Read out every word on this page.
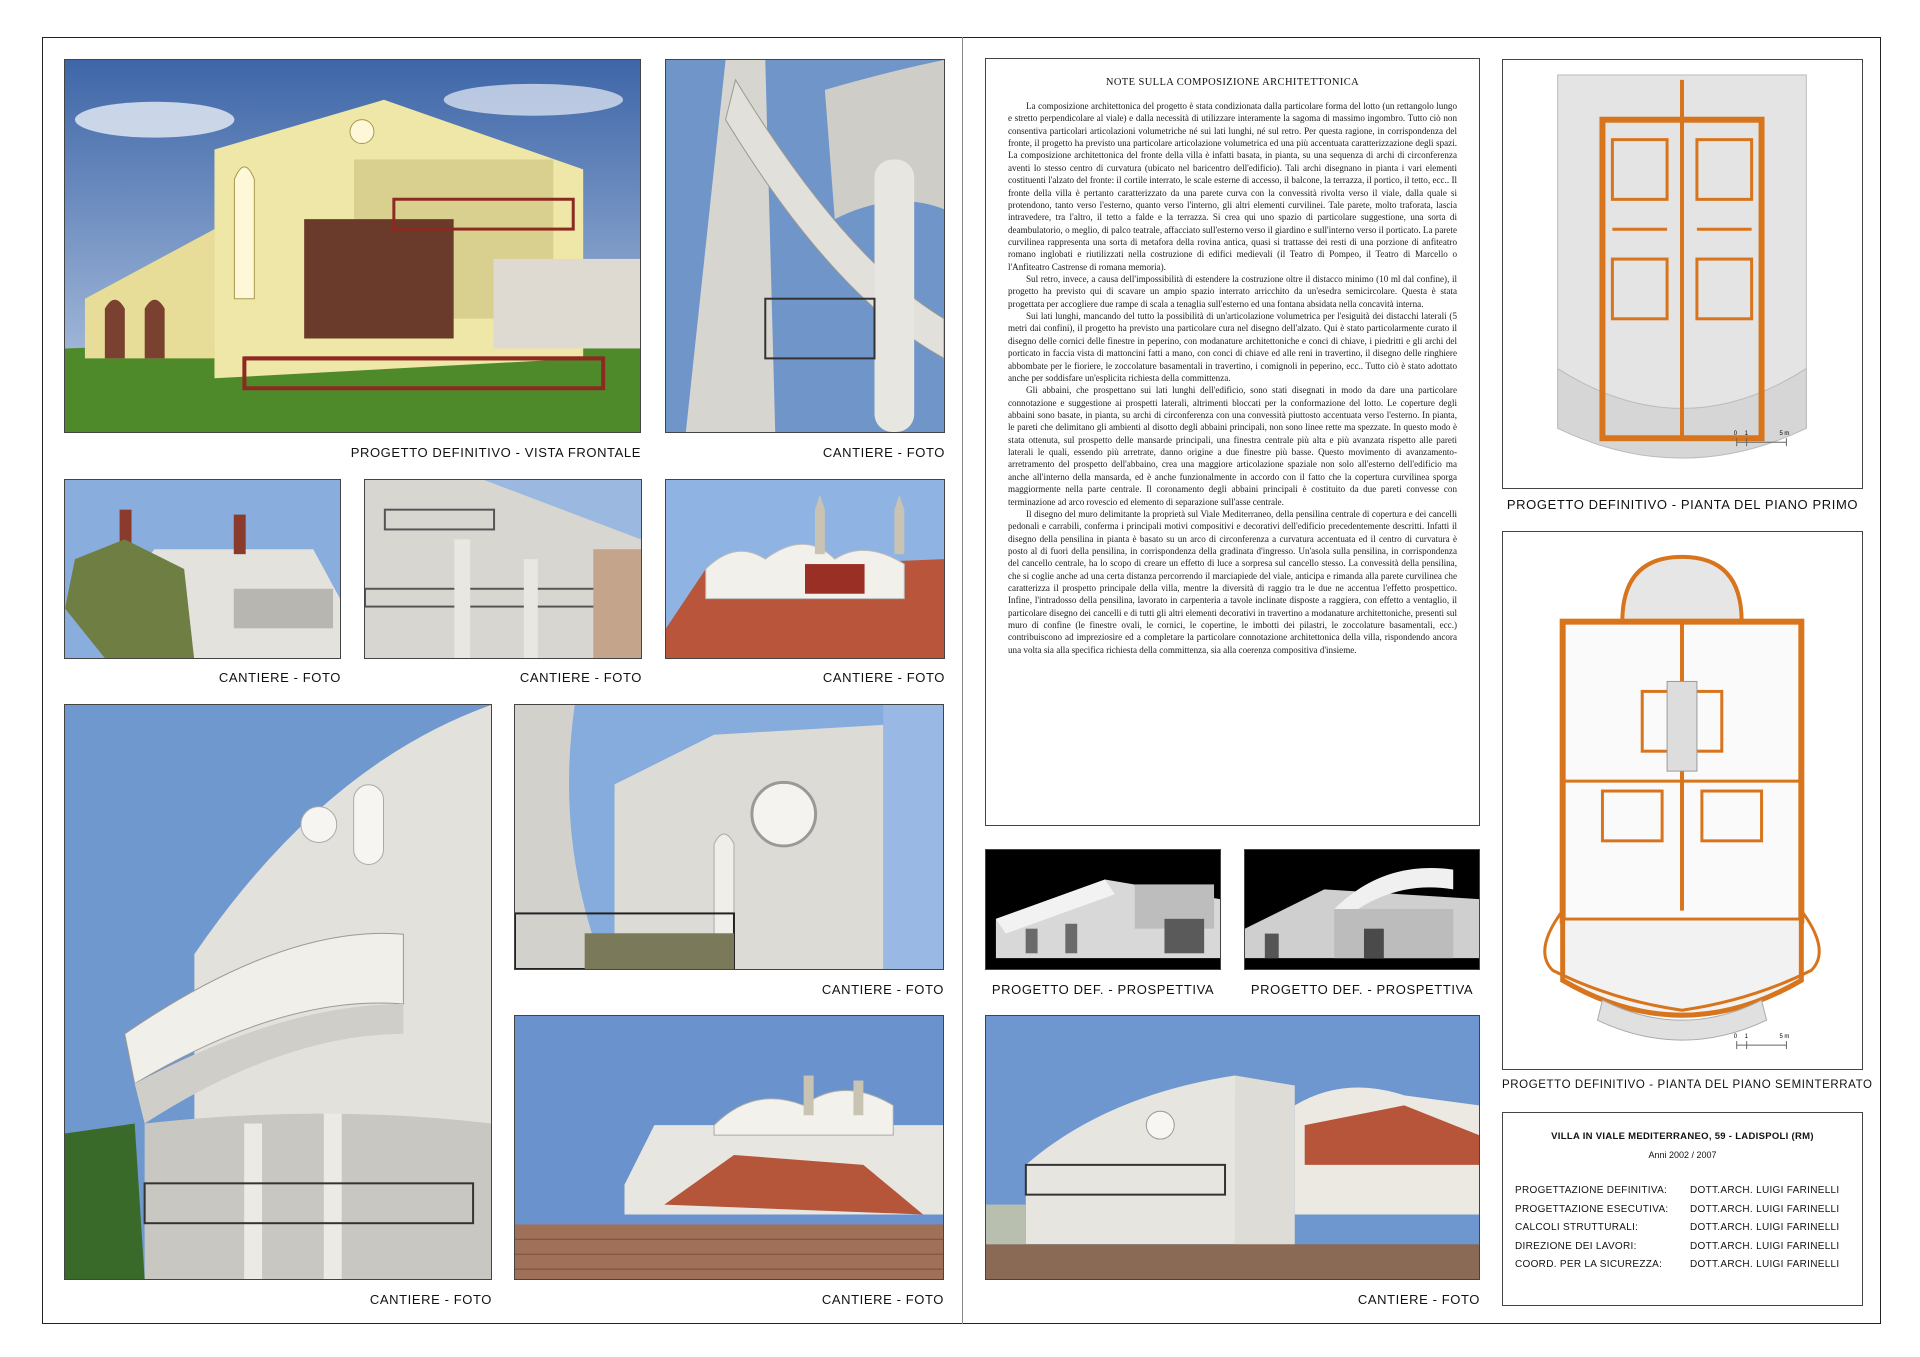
PROGETTO DEFINITIVO - VISTA FRONTALE	CANTIERE - FOTO
CANTIERE - FOTO	CANTIERE - FOTO	CANTIERE - FOTO
CANTIERE - FOTO
CANTIERE - FOTO
CANTIERE - FOTO
NOTE SULLA COMPOSIZIONE ARCHITETTONICA

La composizione architettonica del progetto è stata condizionata dalla particolare forma del lotto (un rettangolo lungo e stretto perpendicolare al viale) e dalla necessità di utilizzare interamente la sagoma di massimo ingombro. Tutto ciò non consentiva particolari articolazioni volumetriche né sui lati lunghi, né sul retro. Per questa ragione, in corrispondenza del fronte, il progetto ha previsto una particolare articolazione volumetrica ed una più accentuata caratterizzazione degli spazi. La composizione architettonica del fronte della villa è infatti basata, in pianta, su una sequenza di archi di circonferenza aventi lo stesso centro di curvatura (ubicato nel baricentro dell'edificio). Tali archi disegnano in pianta i vari elementi costituenti l'alzato del fronte: il cortile interrato, le scale esterne di accesso, il balcone, la terrazza, il portico, il tetto, ecc.. Il fronte della villa è pertanto caratterizzato da una parete curva con la convessità rivolta verso il viale, dalla quale si protendono, tanto verso l'esterno, quanto verso l'interno, gli altri elementi curvilinei. Tale parete, molto traforata, lascia intravedere, tra l'altro, il tetto a falde e la terrazza. Si crea qui uno spazio di particolare suggestione, una sorta di deambulatorio, o meglio, di palco teatrale, affacciato sull'esterno verso il giardino e sull'interno verso il porticato. La parete curvilinea rappresenta una sorta di metafora della rovina antica, quasi si trattasse dei resti di una porzione di anfiteatro romano inglobati e riutilizzati nella costruzione di edifici medievali (il Teatro di Pompeo, il Teatro di Marcello o l'Anfiteatro Castrense di romana memoria).

Sul retro, invece, a causa dell'impossibilità di estendere la costruzione oltre il distacco minimo (10 ml dal confine), il progetto ha previsto qui di scavare un ampio spazio interrato arricchito da un'esedra semicircolare. Questa è stata progettata per accogliere due rampe di scala a tenaglia sull'esterno ed una fontana absidata nella concavità interna.

Sui lati lunghi, mancando del tutto la possibilità di un'articolazione volumetrica per l'esiguità dei distacchi laterali (5 metri dai confini), il progetto ha previsto una particolare cura nel disegno dell'alzato. Qui è stato particolarmente curato il disegno delle cornici delle finestre in peperino, con modanature architettoniche e conci di chiave, i piedritti e gli archi del porticato in faccia vista di mattoncini fatti a mano, con conci di chiave ed alle reni in travertino, il disegno delle ringhiere abbombate per le fioriere, le zoccolature basamentali in travertino, i comignoli in peperino, ecc.. Tutto ciò è stato adottato anche per soddisfare un'esplicita richiesta della committenza.

Gli abbaini, che prospettano sui lati lunghi dell'edificio, sono stati disegnati in modo da dare una particolare connotazione e suggestione ai prospetti laterali, altrimenti bloccati per la conformazione del lotto. Le coperture degli abbaini sono basate, in pianta, su archi di circonferenza con una convessità piuttosto accentuata verso l'esterno. In pianta, le pareti che delimitano gli ambienti al disotto degli abbaini principali, non sono linee rette ma spezzate. In questo modo è stata ottenuta, sul prospetto delle mansarde principali, una finestra centrale più alta e più avanzata rispetto alle pareti laterali le quali, essendo più arretrate, danno origine a due finestre più basse. Questo movimento di avanzamento-arretramento del prospetto dell'abbaino, crea una maggiore articolazione spaziale non solo all'esterno dell'edificio ma anche all'interno della mansarda, ed è anche funzionalmente in accordo con il fatto che la copertura curvilinea sporga maggiormente nella parte centrale. Il coronamento degli abbaini principali è costituito da due pareti convesse con terminazione ad arco rovescio ed elemento di separazione sull'asse centrale.

Il disegno del muro delimitante la proprietà sul Viale Mediterraneo, della pensilina centrale di copertura e dei cancelli pedonali e carrabili, conferma i principali motivi compositivi e decorativi dell'edificio precedentemente descritti. Infatti il disegno della pensilina in pianta è basato su un arco di circonferenza a curvatura accentuata ed il centro di curvatura è posto al di fuori della pensilina, in corrispondenza della gradinata d'ingresso. Un'asola sulla pensilina, in corrispondenza del cancello centrale, ha lo scopo di creare un effetto di luce a sorpresa sul cancello stesso. La convessità della pensilina, che si coglie anche ad una certa distanza percorrendo il marciapiede del viale, anticipa e rimanda alla parete curvilinea che caratterizza il prospetto principale della villa, mentre la diversità di raggio tra le due ne accentua l'effetto prospettico. Infine, l'intradosso della pensilina, lavorato in carpenteria a tavole inclinate disposte a raggiera, con effetto a ventaglio, il particolare disegno dei cancelli e di tutti gli altri elementi decorativi in travertino a modanature architettoniche, presenti sul muro di confine (le finestre ovali, le cornici, le copertine, le imbotti dei pilastri, le zoccolature basamentali, ecc.) contribuiscono ad impreziosire ed a completare la particolare connotazione architettonica della villa, rispondendo ancora una volta sia alla specifica richiesta della committenza, sia alla coerenza compositiva d'insieme.

PROGETTO DEF. - PROSPETTIVA	PROGETTO DEF. - PROSPETTIVA
CANTIERE - FOTO
0 1	5 m
PROGETTO DEFINITIVO - PIANTA DEL PIANO PRIMO
0 1	5 m
PROGETTO DEFINITIVO - PIANTA DEL PIANO SEMINTERRATO
VILLA IN VIALE MEDITERRANEO, 59 - LADISPOLI (RM)
Anni 2002 / 2007
PROGETTAZIONE DEFINITIVA:	DOTT.ARCH. LUIGI FARINELLI
PROGETTAZIONE ESECUTIVA:	DOTT.ARCH. LUIGI FARINELLI
CALCOLI STRUTTURALI:	DOTT.ARCH. LUIGI FARINELLI
DIREZIONE DEI LAVORI:	DOTT.ARCH. LUIGI FARINELLI
COORD. PER LA SICUREZZA:	DOTT.ARCH. LUIGI FARINELLI
